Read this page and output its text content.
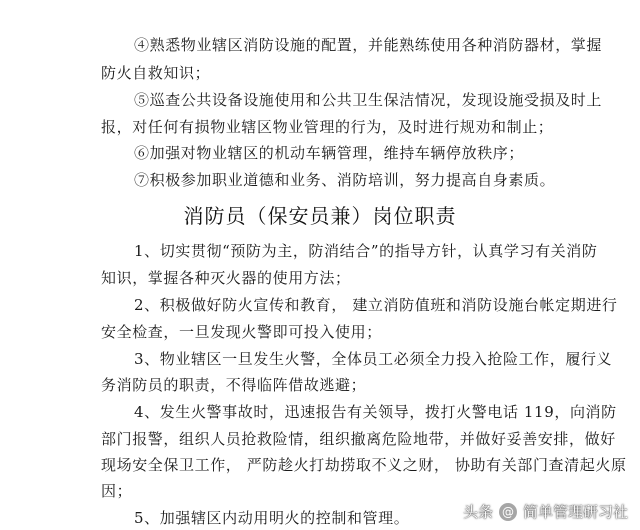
④熟悉物业辖区消防设施的配置，并能熟练使用各种消防器材，掌握
防火自救知识；
⑤巡查公共设备设施使用和公共卫生保洁情况，发现设施受损及时上
报，对任何有损物业辖区物业管理的行为，及时进行规劝和制止；
⑥加强对物业辖区的机动车辆管理，维持车辆停放秩序；
⑦积极参加职业道德和业务、消防培训，努力提高自身素质。
消防员（保安员兼）岗位职责
1、切实贯彻“预防为主，防消结合”的指导方针，认真学习有关消防
知识，掌握各种灭火器的使用方法；
2、积极做好防火宣传和教育， 建立消防值班和消防设施台帐定期进行
安全检查，一旦发现火警即可投入使用；
3、物业辖区一旦发生火警，全体员工必须全力投入抢险工作，履行义
务消防员的职责，不得临阵借故逃避；
4、发生火警事故时，迅速报告有关领导，拨打火警电话 119，向消防
部门报警，组织人员抢救险情，组织撤离危险地带，并做好妥善安排，做好
现场安全保卫工作， 严防趁火打劫捞取不义之财， 协助有关部门查清起火原
因；
5、加强辖区内动用明火的控制和管理。	头条 @ 简单管理研习社
